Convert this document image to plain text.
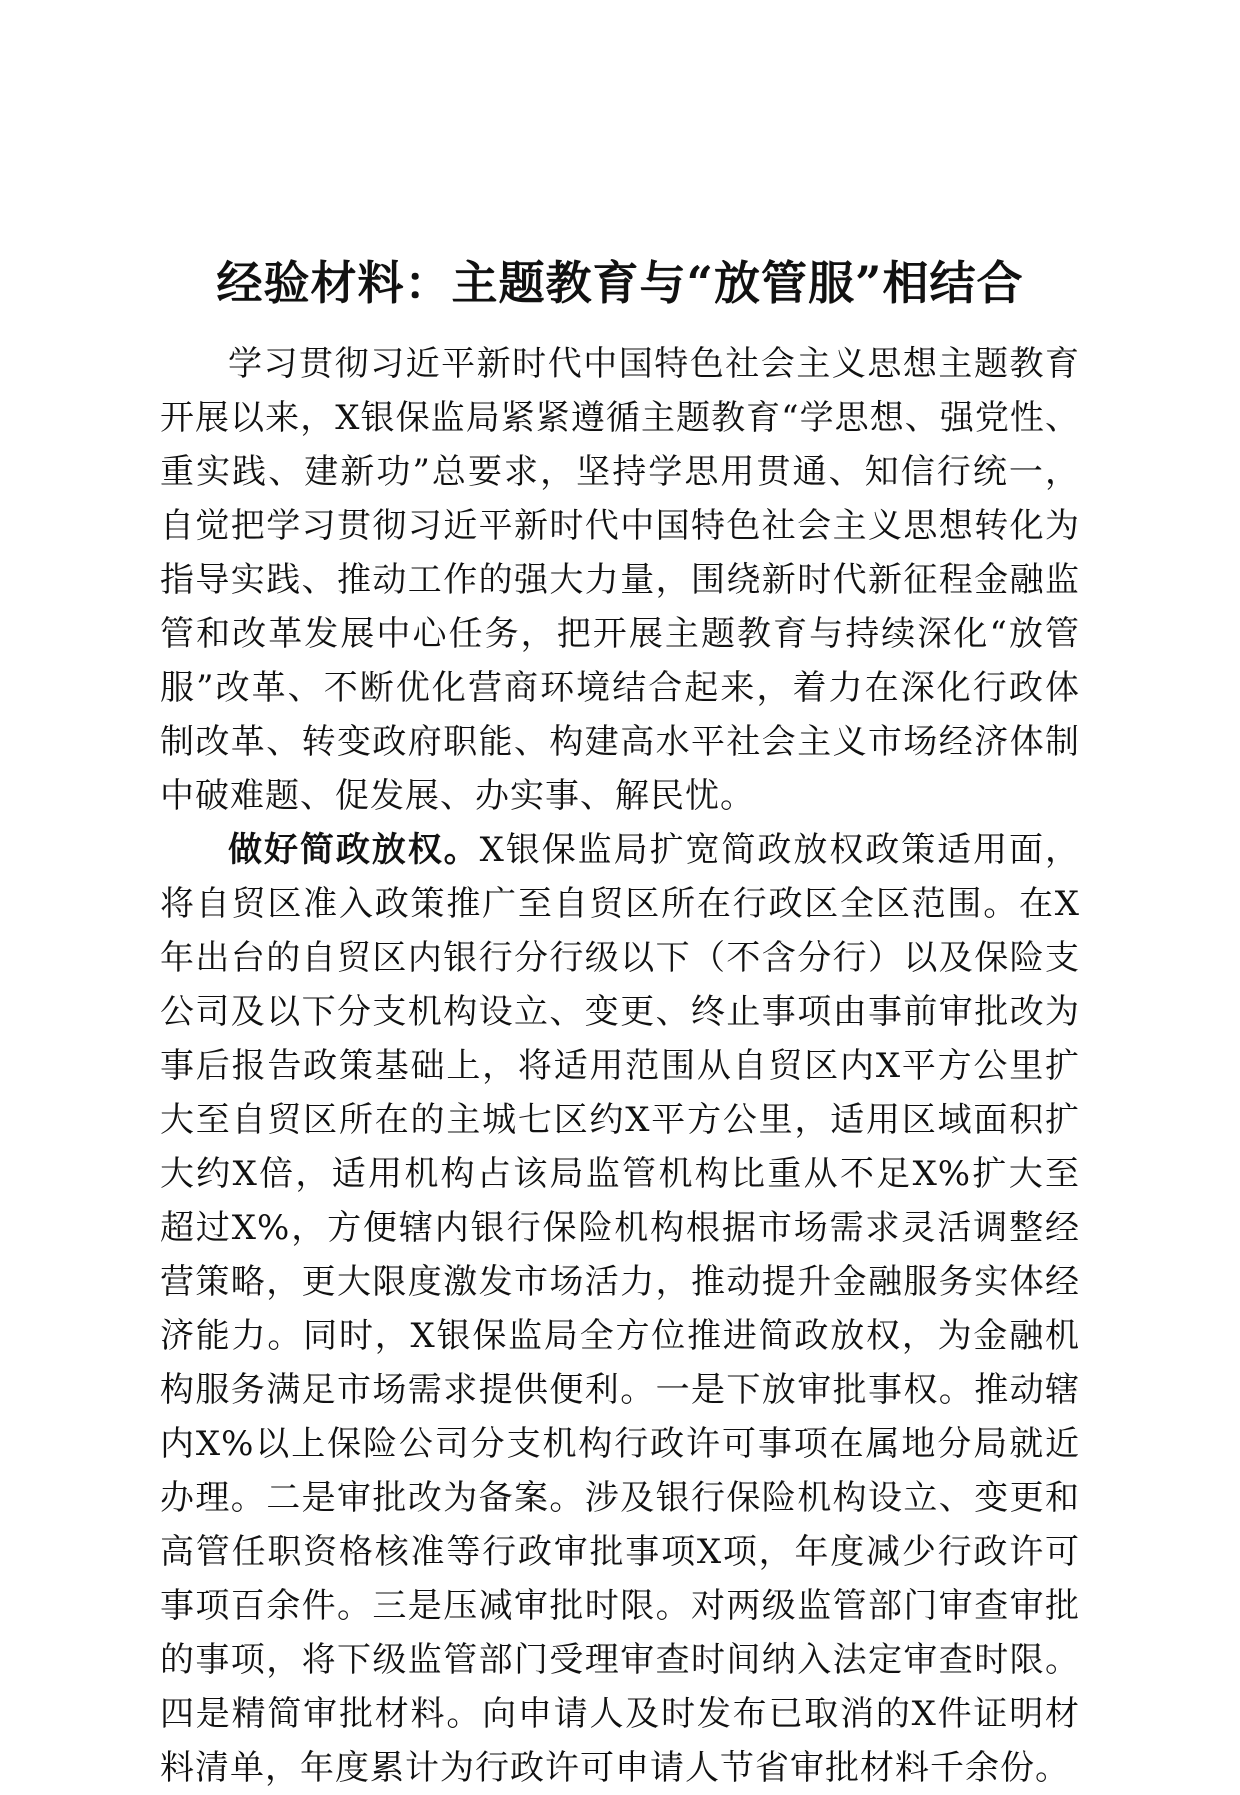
经验材料：主题教育与“放管服”相结合

学习贯彻习近平新时代中国特色社会主义思想主题教育开展以来，X银保监局紧紧遵循主题教育“学思想、强党性、重实践、建新功”总要求，坚持学思用贯通、知信行统一，自觉把学习贯彻习近平新时代中国特色社会主义思想转化为指导实践、推动工作的强大力量，围绕新时代新征程金融监管和改革发展中心任务，把开展主题教育与持续深化“放管服”改革、不断优化营商环境结合起来，着力在深化行政体制改革、转变政府职能、构建高水平社会主义市场经济体制中破难题、促发展、办实事、解民忧。

做好简政放权。X银保监局扩宽简政放权政策适用面，将自贸区准入政策推广至自贸区所在行政区全区范围。在X年出台的自贸区内银行分行级以下（不含分行）以及保险支公司及以下分支机构设立、变更、终止事项由事前审批改为事后报告政策基础上，将适用范围从自贸区内X平方公里扩大至自贸区所在的主城七区约X平方公里，适用区域面积扩大约X倍，适用机构占该局监管机构比重从不足X%扩大至超过X%，方便辖内银行保险机构根据市场需求灵活调整经营策略，更大限度激发市场活力，推动提升金融服务实体经济能力。同时，X银保监局全方位推进简政放权，为金融机构服务满足市场需求提供便利。一是下放审批事权。推动辖内X%以上保险公司分支机构行政许可事项在属地分局就近办理。二是审批改为备案。涉及银行保险机构设立、变更和高管任职资格核准等行政审批事项X项，年度减少行政许可事项百余件。三是压减审批时限。对两级监管部门审查审批的事项，将下级监管部门受理审查时间纳入法定审查时限。四是精简审批材料。向申请人及时发布已取消的X件证明材料清单，年度累计为行政许可申请人节省审批材料千余份。
